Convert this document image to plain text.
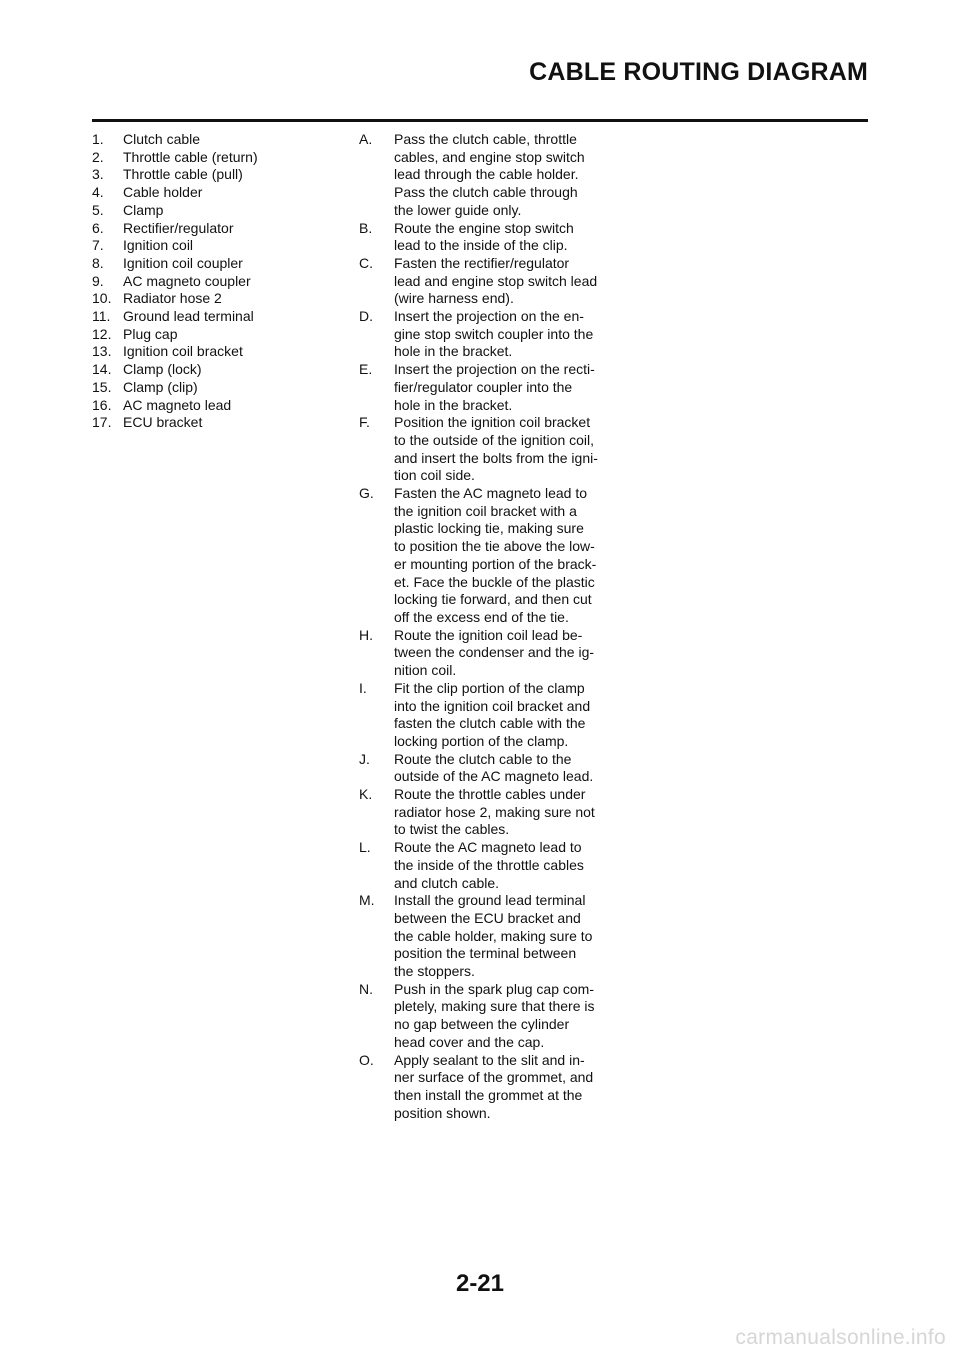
CABLE ROUTING DIAGRAM
1.	Clutch cable
2.	Throttle cable (return)
3.	Throttle cable (pull)
4.	Cable holder
5.	Clamp
6.	Rectifier/regulator
7.	Ignition coil
8.	Ignition coil coupler
9.	AC magneto coupler
10. Radiator hose 2
11. Ground lead terminal
12. Plug cap
13. Ignition coil bracket
14. Clamp (lock)
15. Clamp (clip)
16. AC magneto lead
17. ECU bracket
A.	Pass the clutch cable, throttle
cables, and engine stop switch
lead through the cable holder.
Pass the clutch cable through
the lower guide only.
B.	Route the engine stop switch
lead to the inside of the clip.
C.	Fasten the rectifier/regulator
lead and engine stop switch lead
(wire harness end).
D.	Insert the projection on the en-
gine stop switch coupler into the
hole in the bracket.
E.	Insert the projection on the recti-
fier/regulator coupler into the
hole in the bracket.
F.	Position the ignition coil bracket
to the outside of the ignition coil,
and insert the bolts from the igni-
tion coil side.
G.	Fasten the AC magneto lead to
the ignition coil bracket with a
plastic locking tie, making sure
to position the tie above the low-
er mounting portion of the brack-
et. Face the buckle of the plastic
locking tie forward, and then cut
off the excess end of the tie.
H.	Route the ignition coil lead be-
tween the condenser and the ig-
nition coil.
I.	Fit the clip portion of the clamp
into the ignition coil bracket and
fasten the clutch cable with the
locking portion of the clamp.
J.	Route the clutch cable to the
outside of the AC magneto lead.
K.	Route the throttle cables under
radiator hose 2, making sure not
to twist the cables.
L.	Route the AC magneto lead to
the inside of the throttle cables
and clutch cable.
M.	Install the ground lead terminal
between the ECU bracket and
the cable holder, making sure to
position the terminal between
the stoppers.
N.	Push in the spark plug cap com-
pletely, making sure that there is
no gap between the cylinder
head cover and the cap.
O.	Apply sealant to the slit and in-
ner surface of the grommet, and
then install the grommet at the
position shown.
2-21
carmanualsonline.info
